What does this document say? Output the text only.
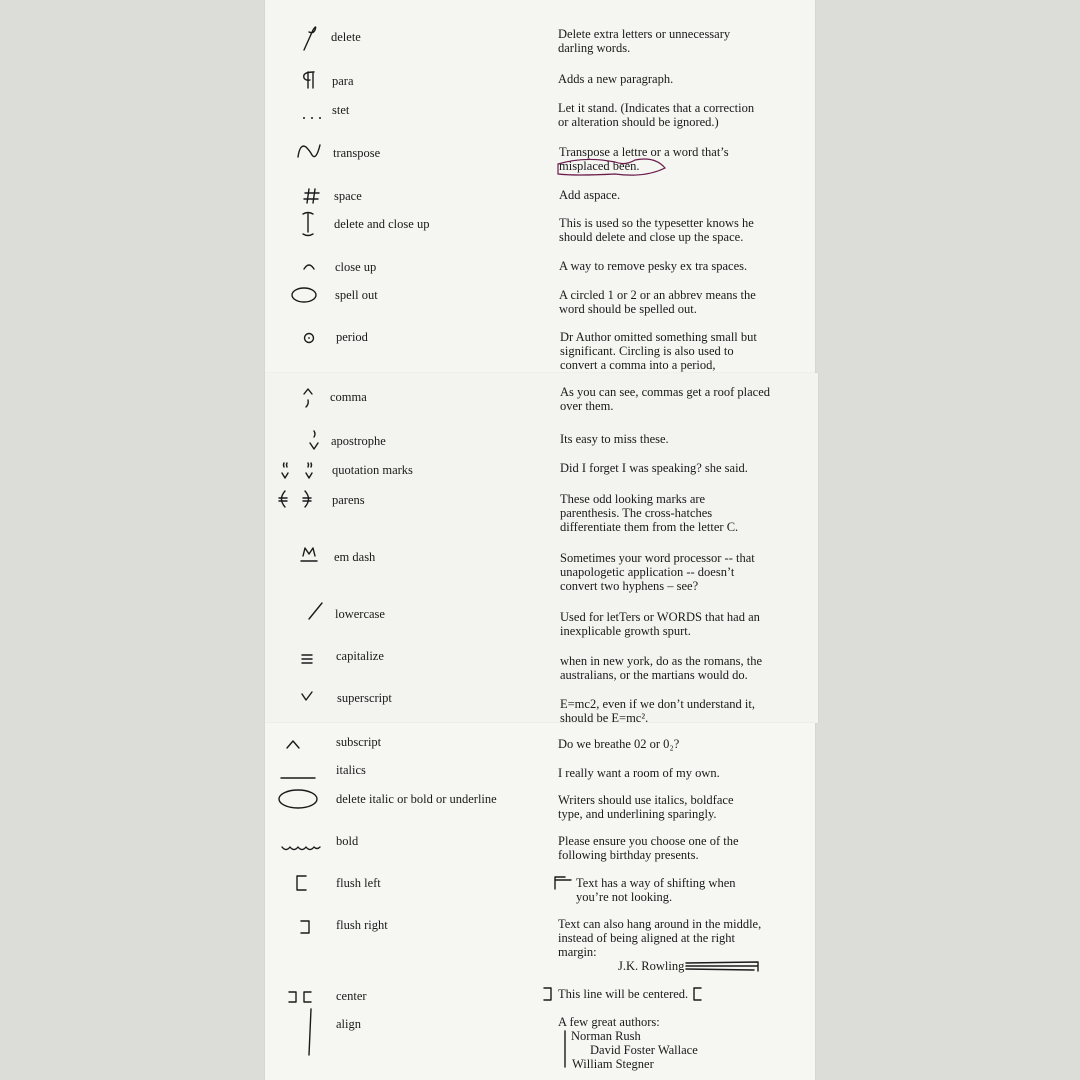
delete	Delete extra letters or unnecessary
darling words.
para	Adds a new paragraph.
stet	Let it stand. (Indicates that a correction
or alteration should be ignored.)
transpose	Transpose a lettre or a word that’s
misplaced been.
space	Add aspace.
delete and close up	This is used so the typesetter knows he
should delete and close up the space.
close up	A way to remove pesky ex tra spaces.
spell out	A circled 1 or 2 or an abbrev means the
word should be spelled out.
period	Dr Author omitted something small but
significant. Circling is also used to
convert a comma into a period,
comma	As you can see, commas get a roof placed
over them.
apostrophe	Its easy to miss these.
quotation marks	Did I forget I was speaking? she said.
parens	These odd looking marks are
parenthesis. The cross-hatches
differentiate them from the letter C.
em dash	Sometimes your word processor -- that
unapologetic application -- doesn’t
convert two hyphens – see?
lowercase	Used for letTers or WORDS that had an
inexplicable growth spurt.
capitalize	when in new york, do as the romans, the
australians, or the martians would do.
superscript	E=mc2, even if we don’t understand it,
should be E=mc².
subscript	Do we breathe 02 or 0₂?
italics	I really want a room of my own.
delete italic or bold or underline	Writers should use italics, boldface
type, and underlining sparingly.
bold	Please ensure you choose one of the
following birthday presents.
flush left	Text has a way of shifting when
you’re not looking.
flush right	Text can also hang around in the middle,
instead of being aligned at the right
margin:
J.K. Rowling
center	This line will be centered.
align	A few great authors:
Norman Rush
David Foster Wallace
William Stegner
